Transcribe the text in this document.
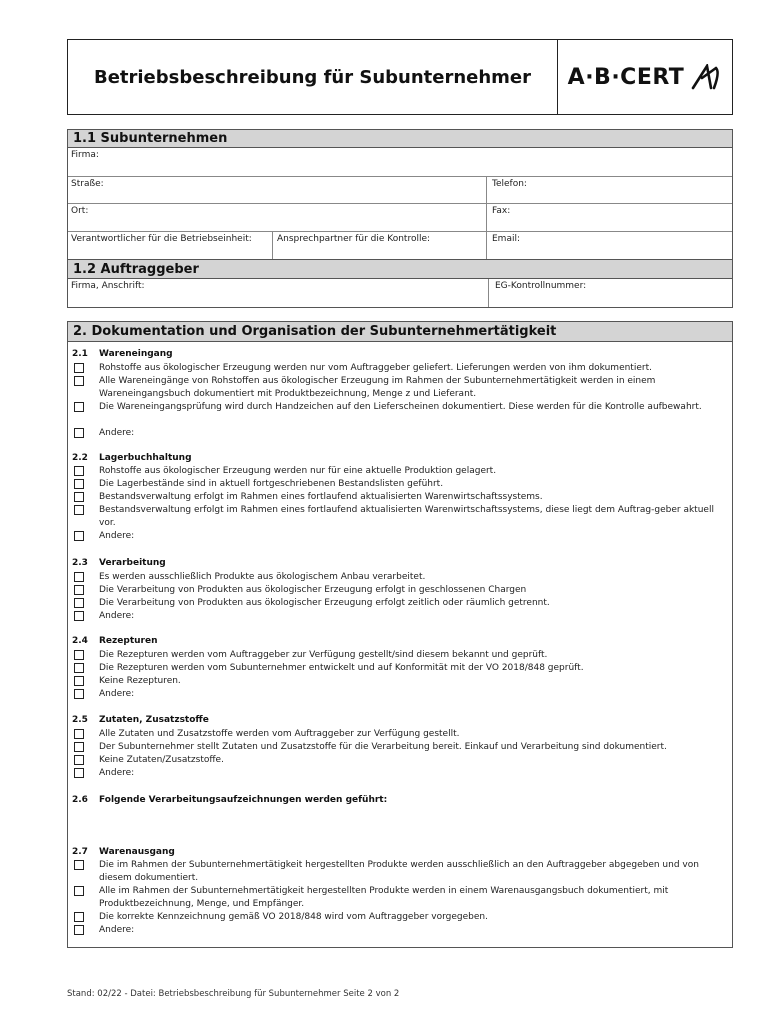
Betriebsbeschreibung für Subunternehmer	A·B·CERT
1.1 Subunternehmen
Firma:
Straße:	Telefon:
Ort:	Fax:
Verantwortlicher für die Betriebseinheit:	Ansprechpartner für die Kontrolle:	Email:
1.2 Auftraggeber
Firma, Anschrift:	EG-Kontrollnummer:
2. Dokumentation und Organisation der Subunternehmertätigkeit
2.1 Wareneingang
Rohstoffe aus ökologischer Erzeugung werden nur vom Auftraggeber geliefert. Lieferungen werden von ihm dokumentiert.
Alle Wareneingänge von Rohstoffen aus ökologischer Erzeugung im Rahmen der Subunternehmertätigkeit werden in einem Wareneingangsbuch dokumentiert mit Produktbezeichnung, Menge z und Lieferant.
Die Wareneingangsprüfung wird durch Handzeichen auf den Lieferscheinen dokumentiert. Diese werden für die Kontrolle aufbewahrt.
Andere:
2.2 Lagerbuchhaltung
Rohstoffe aus ökologischer Erzeugung werden nur für eine aktuelle Produktion gelagert.
Die Lagerbestände sind in aktuell fortgeschriebenen Bestandslisten geführt.
Bestandsverwaltung erfolgt im Rahmen eines fortlaufend aktualisierten Warenwirtschaftssystems.
Bestandsverwaltung erfolgt im Rahmen eines fortlaufend aktualisierten Warenwirtschaftssystems, diese liegt dem Auftrag-geber aktuell vor.
Andere:
2.3 Verarbeitung
Es werden ausschließlich Produkte aus ökologischem Anbau verarbeitet.
Die Verarbeitung von Produkten aus ökologischer Erzeugung erfolgt in geschlossenen Chargen
Die Verarbeitung von Produkten aus ökologischer Erzeugung erfolgt zeitlich oder räumlich getrennt.
Andere:
2.4 Rezepturen
Die Rezepturen werden vom Auftraggeber zur Verfügung gestellt/sind diesem bekannt und geprüft.
Die Rezepturen werden vom Subunternehmer entwickelt und auf Konformität mit der VO 2018/848 geprüft.
Keine Rezepturen.
Andere:
2.5 Zutaten, Zusatzstoffe
Alle Zutaten und Zusatzstoffe werden vom Auftraggeber zur Verfügung gestellt.
Der Subunternehmer stellt Zutaten und Zusatzstoffe für die Verarbeitung bereit. Einkauf und Verarbeitung sind dokumentiert.
Keine Zutaten/Zusatzstoffe.
Andere:
2.6 Folgende Verarbeitungsaufzeichnungen werden geführt:
2.7 Warenausgang
Die im Rahmen der Subunternehmertätigkeit hergestellten Produkte werden ausschließlich an den Auftraggeber abgegeben und von diesem dokumentiert.
Alle im Rahmen der Subunternehmertätigkeit hergestellten Produkte werden in einem Warenausgangsbuch dokumentiert, mit Produktbezeichnung, Menge, und Empfänger.
Die korrekte Kennzeichnung gemäß VO 2018/848 wird vom Auftraggeber vorgegeben.
Andere:
Stand: 02/22 - Datei: Betriebsbeschreibung für Subunternehmer Seite 2 von 2
